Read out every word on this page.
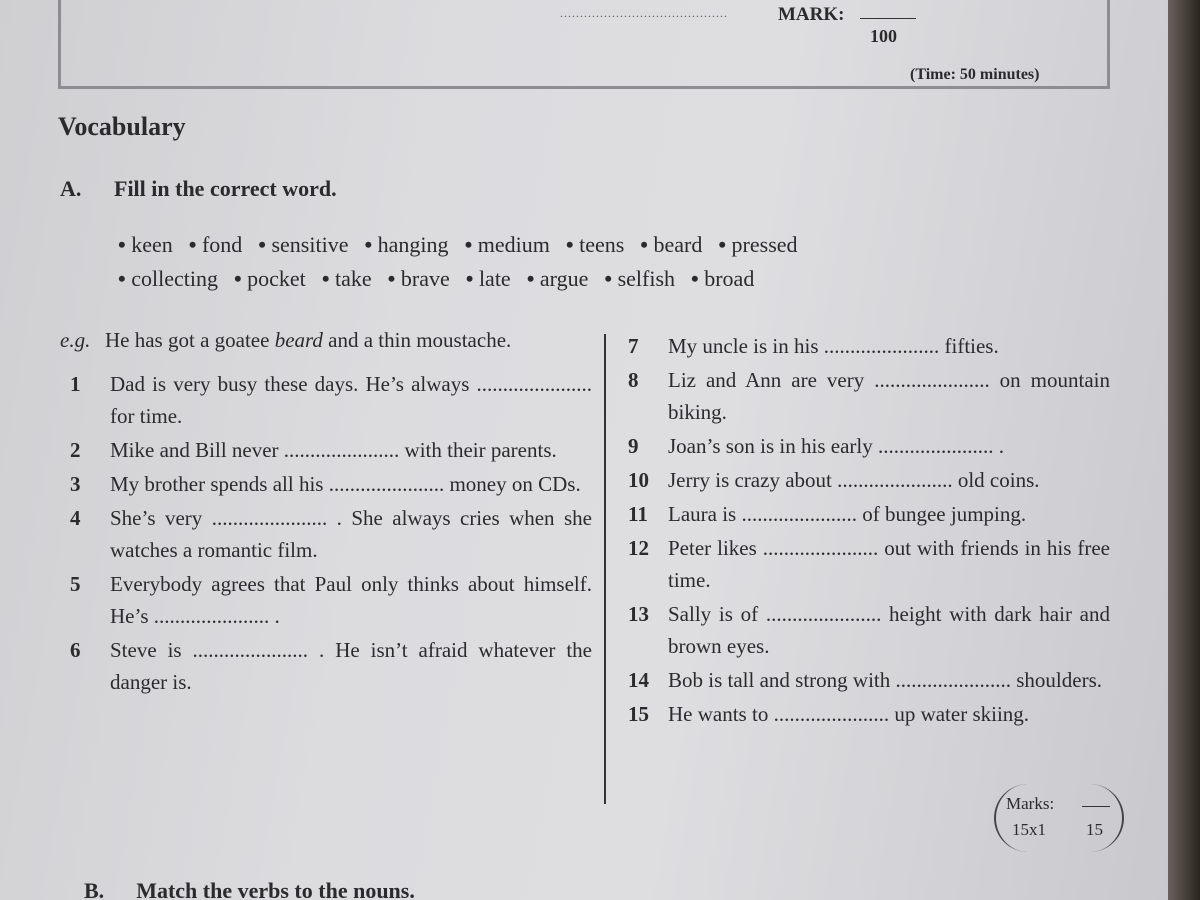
..........................................	MARK:
100
(Time: 50 minutes)
Vocabulary
A. Fill in the correct word.
• keen	• fond	• sensitive	• hanging	• medium	• teens	• beard	• pressed
• collecting	• pocket	• take	• brave	• late	• argue	• selfish	• broad
e.g. He has got a goatee beard and a thin moustache.
1 Dad is very busy these days. He’s always ...................... for time.
2 Mike and Bill never ...................... with their parents.
3 My brother spends all his ...................... money on CDs.
4 She’s very ...................... . She always cries when she watches a romantic film.
5 Everybody agrees that Paul only thinks about himself. He’s ...................... .
6 Steve is ...................... . He isn’t afraid whatever the danger is.
7 My uncle is in his ...................... fifties.
8 Liz and Ann are very ...................... on mountain biking.
9 Joan’s son is in his early ...................... .
10 Jerry is crazy about ...................... old coins.
11 Laura is ...................... of bungee jumping.
12 Peter likes ...................... out with friends in his free time.
13 Sally is of ...................... height with dark hair and brown eyes.
14 Bob is tall and strong with ...................... shoulders.
15 He wants to ...................... up water skiing.
Marks:
15x1 15
B. Match the verbs to the nouns.
